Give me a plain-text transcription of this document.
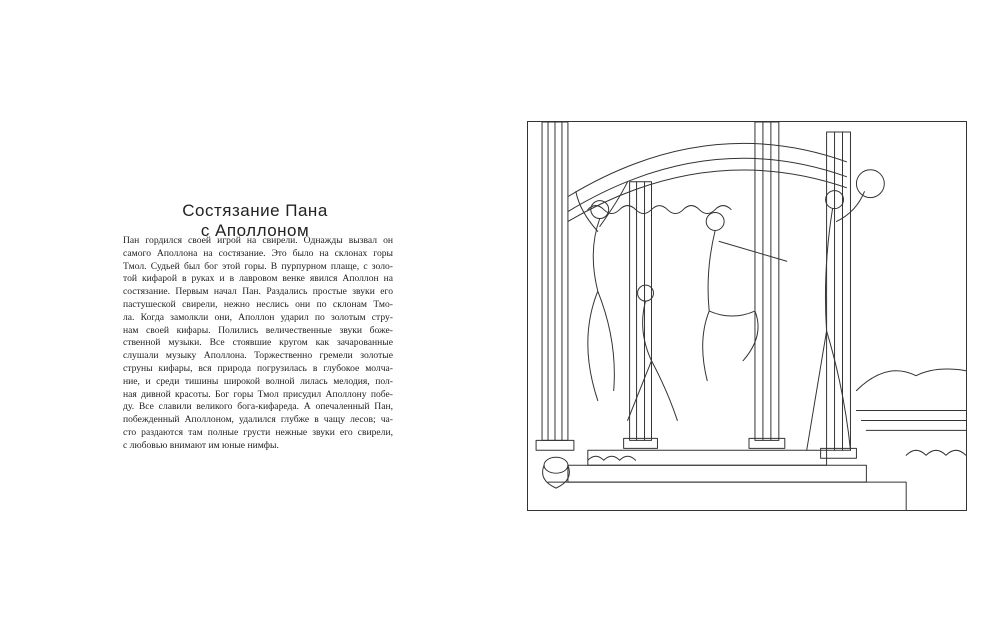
Состязание Пана
с Аполлоном
Пан гордился своей игрой на свирели. Однажды вызвал он
самого Аполлона на состязание. Это было на склонах горы
Тмол. Судьей был бог этой горы. В пурпурном плаще, с золо-
той кифарой в руках и в лавровом венке явился Аполлон на
состязание. Первым начал Пан. Раздались простые звуки его
пастушеской свирели, нежно неслись они по склонам Тмо-
ла. Когда замолкли они, Аполлон ударил по золотым стру-
нам своей кифары. Полились величественные звуки боже-
ственной музыки. Все стоявшие кругом как зачарованные
слушали музыку Аполлона. Торжественно гремели золотые
струны кифары, вся природа погрузилась в глубокое молча-
ние, и среди тишины широкой волной лилась мелодия, пол-
ная дивной красоты. Бог горы Тмол присудил Аполлону побе-
ду. Все славили великого бога-кифареда. А опечаленный Пан,
побежденный Аполлоном, удалился глубже в чащу лесов; ча-
сто раздаются там полные грусти нежные звуки его свирели,
с любовью внимают им юные нимфы.
